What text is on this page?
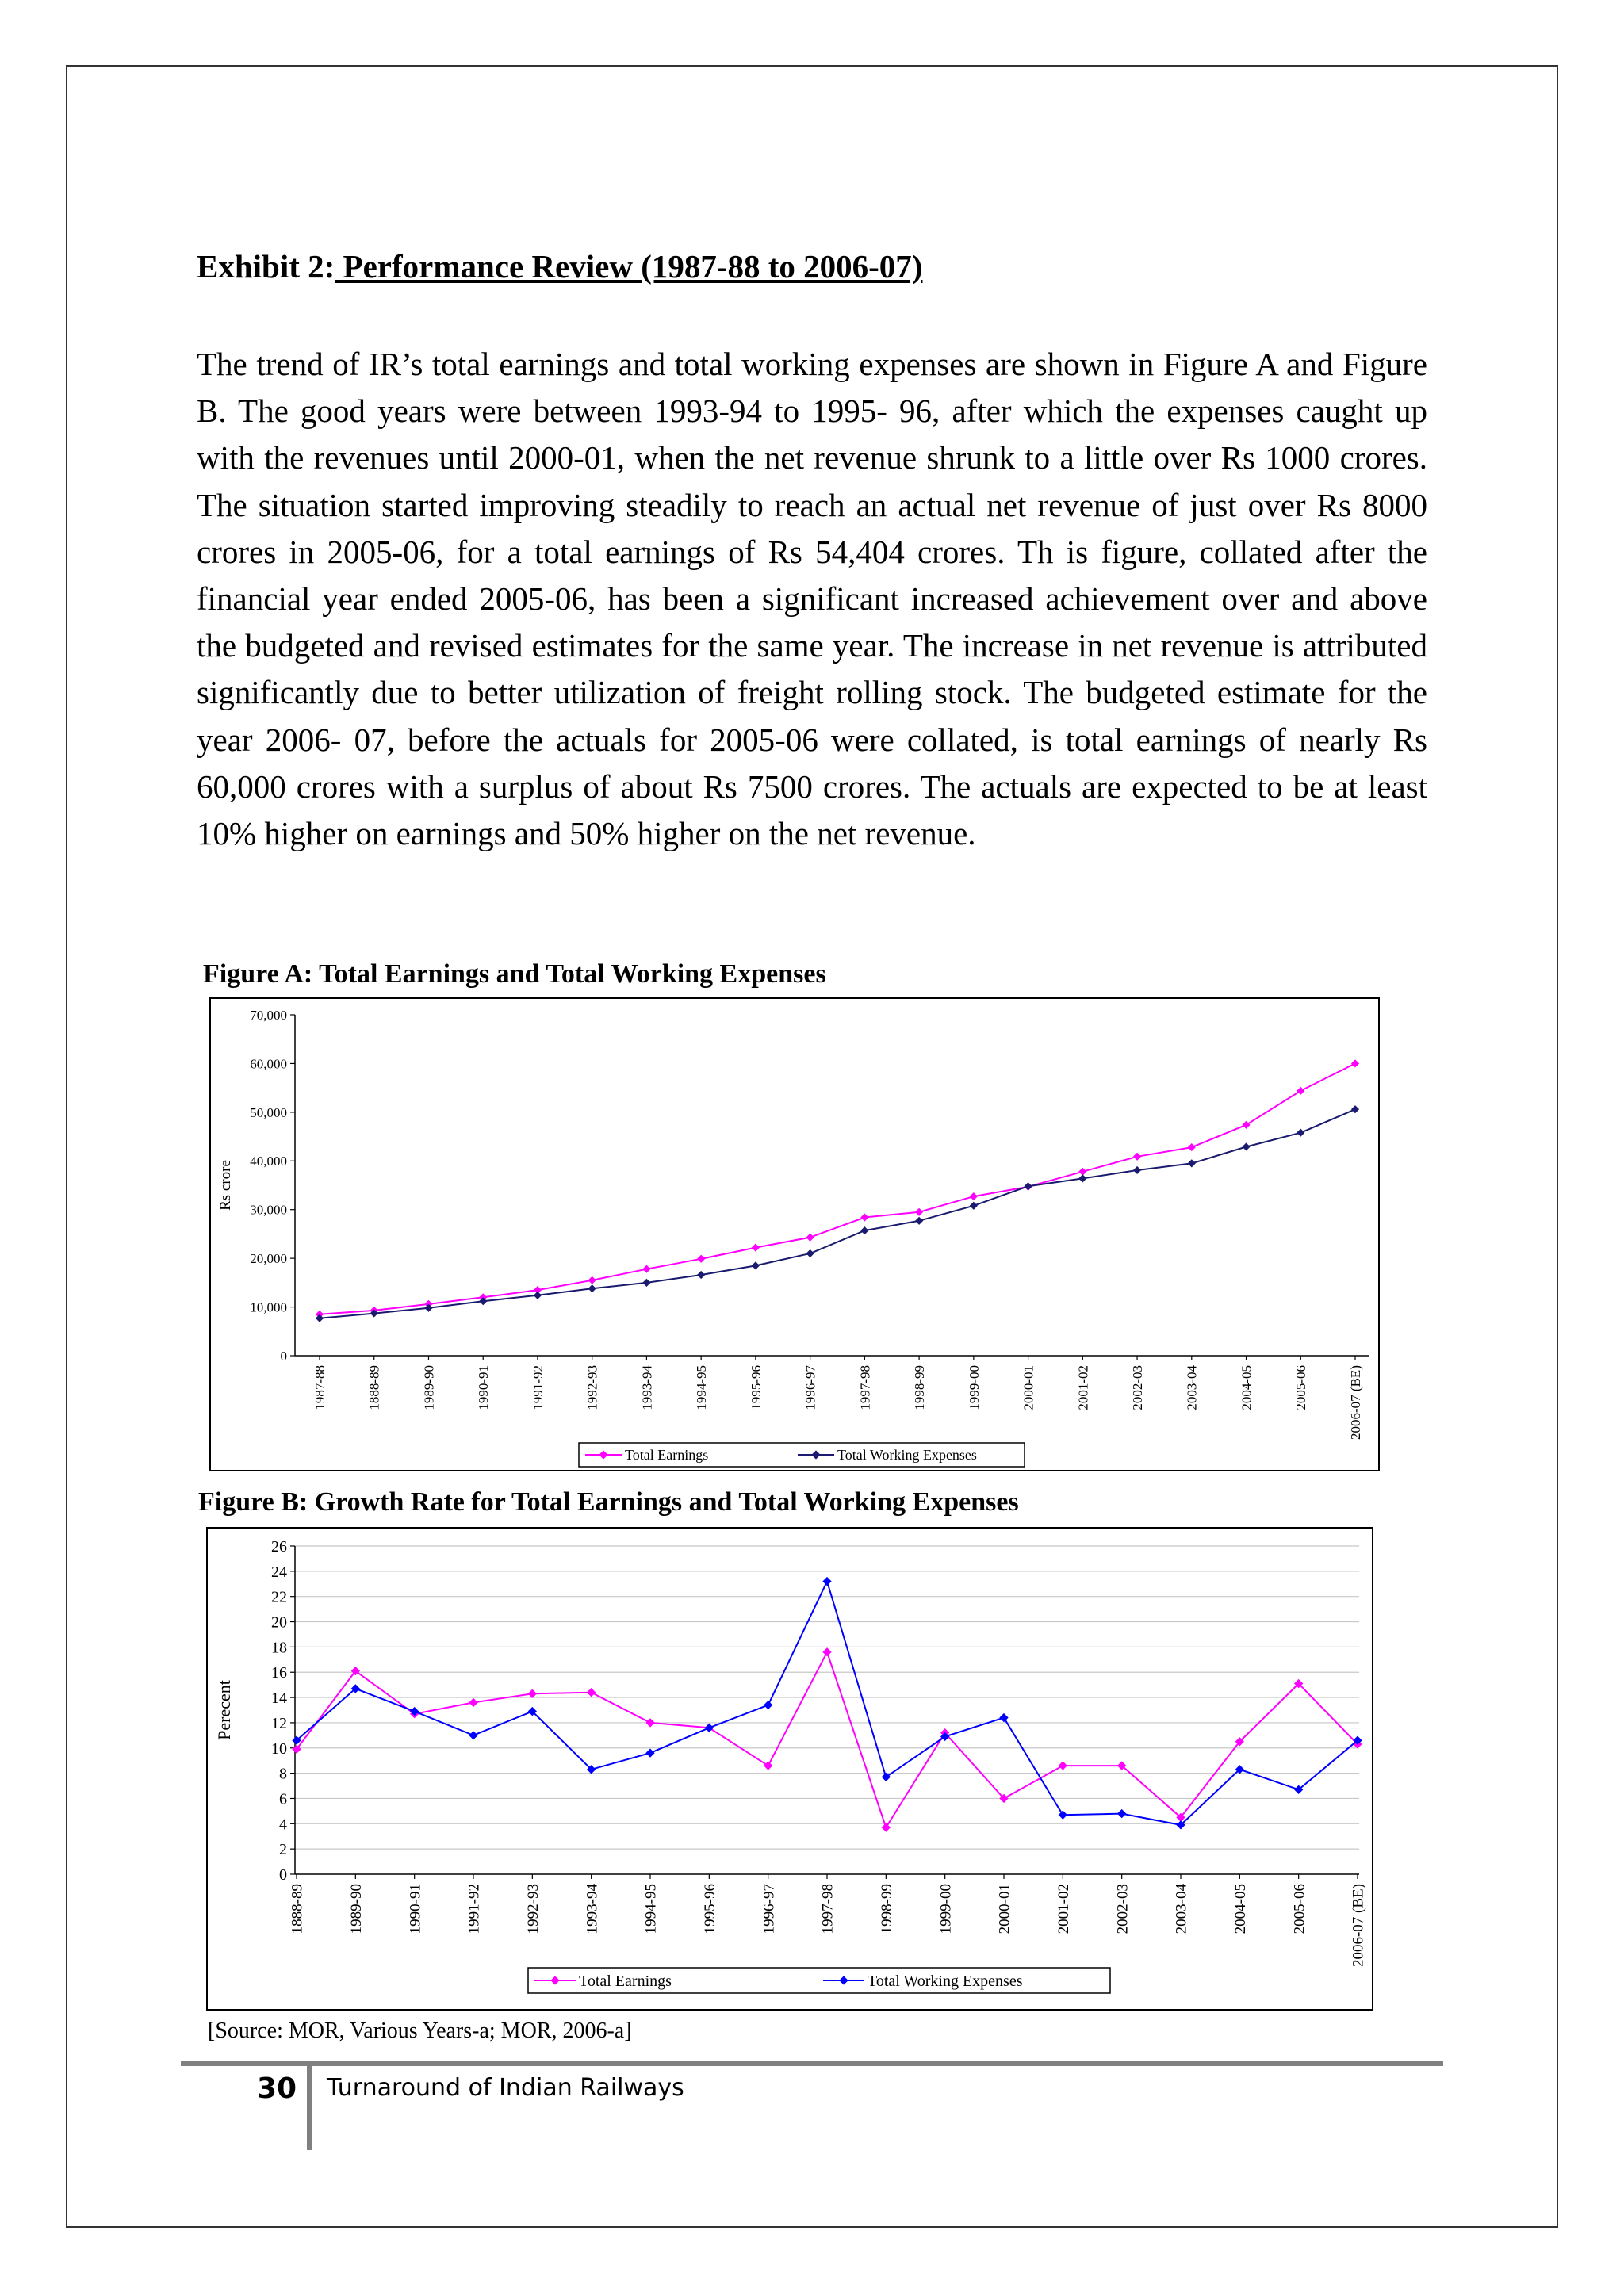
Exhibit 2: Performance Review (1987-88 to 2006-07)

The trend of IR’s total earnings and total working expenses are shown in Figure A and Figure B. The good years were between 1993-94 to 1995- 96, after which the expenses caught up with the revenues until 2000-01, when the net revenue shrunk to a little over Rs 1000 crores. The situation started improving steadily to reach an actual net revenue of just over Rs 8000 crores in 2005-06, for a total earnings of Rs 54,404 crores. Th is figure, collated after the financial year ended 2005-06, has been a significant increased achievement over and above the budgeted and revised estimates for the same year. The increase in net revenue is attributed significantly due to better utilization of freight rolling stock. The budgeted estimate for the year 2006- 07, before the actuals for 2005-06 were collated, is total earnings of nearly Rs 60,000 crores with a surplus of about Rs 7500 crores. The actuals are expected to be at least 10% higher on earnings and 50% higher on the net revenue.

Figure A: Total Earnings and Total Working Expenses
0
10,000
20,000
30,000
40,000
50,000
60,000
70,000
1987-88	1888-89	1989-90	1990-91	1991-92	1992-93	1993-94	1994-95	1995-96	1996-97	1997-98	1998-99	1999-00	2000-01	2001-02	2002-03	2003-04	2004-05	2005-06	2006-07 (BE)
Rs crore
Total Earnings	Total Working Expenses
Figure B: Growth Rate for Total Earnings and Total Working Expenses
0
2
4
6
8
10
12
14
16
18
20
22
24
26
1888-89	1989-90	1990-91	1991-92	1992-93	1993-94	1994-95	1995-96	1996-97	1997-98	1998-99	1999-00	2000-01	2001-02	2002-03	2003-04	2004-05	2005-06	2006-07 (BE)
Perecent
Total Earnings	Total Working Expenses
[Source: MOR, Various Years-a; MOR, 2006-a]
30 Turnaround of Indian Railways
